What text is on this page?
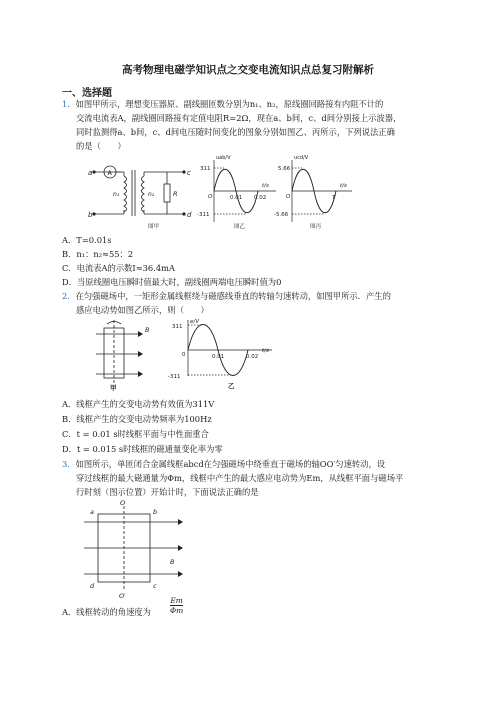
高考物理电磁学知识点之交变电流知识点总复习附解析
一、选择题
1．如图甲所示，理想变压器原、副线圈匝数分别为n₁、n₂，原线圈回路接有内阻不计的
交流电流表A，副线圈回路接有定值电阻R=2Ω，现在a、b间，c、d间分别接上示波器，
同时监测得a、b间，c、d间电压随时间变化的图象分别如图乙、丙所示，下列说法正确
的是（　　）
a
b
c
d
A
n₁	n₂	R
图甲
uab/V
311
-311
O	0.01 0.02
t/s
图乙
ucd/V
5.66
-5.66
O	T
t/s
图丙
A．T=0.01s
B．n₁：n₂≈55：2
C．电流表A的示数I≈36.4mA
D．当原线圈电压瞬时值最大时，副线圈两端电压瞬时值为0
2．在匀强磁场中，一矩形金属线框绕与磁感线垂直的转轴匀速转动，如图甲所示．产生的
感应电动势如图乙所示，则（　　）
B
甲
e/V
311
-311
0	0.01	0.02
t/s
乙
A．线框产生的交变电动势有效值为311V
B．线框产生的交变电动势频率为100Hz
C．t = 0.01 s时线框平面与中性面重合
D．t = 0.015 s时线框的磁通量变化率为零
3．如图所示，单匝闭合金属线框abcd在匀强磁场中绕垂直于磁场的轴OO′匀速转动，设
穿过线框的最大磁通量为Φm，线框中产生的最大感应电动势为Em，从线框平面与磁场平
行时刻（图示位置）开始计时，下面说法正确的是
O
O′
a	b
c
d
B
A．线框转动的角速度为	$\frac{Em}{\Phi m}$
